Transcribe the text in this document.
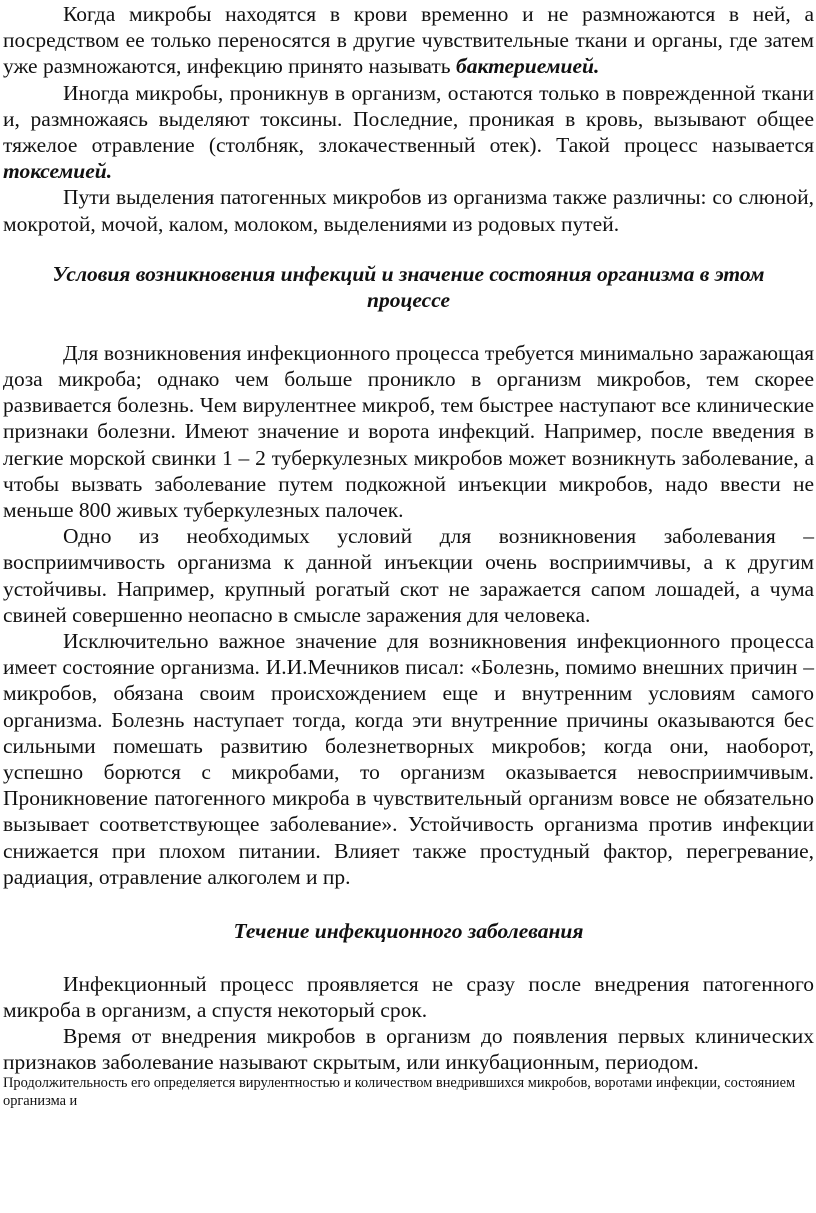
Когда микробы находятся в крови временно и не размножаются в ней, а посредством ее только переносятся в другие чувствительные ткани и органы, где затем уже размножаются, инфекцию принято называть бактериемией.

Иногда микробы, проникнув в организм, остаются только в поврежденной ткани и, размножаясь выделяют токсины. Последние, проникая в кровь, вызывают общее тяжелое отравление (столбняк, злокачественный отек). Такой процесс называется токсемией.

Пути выделения патогенных микробов из организма также различны: со слюной, мокротой, мочой, калом, молоком, выделениями из родовых путей.

Условия возникновения инфекций и значение состояния организма в этом процессе

Для возникновения инфекционного процесса требуется минимально заражающая доза микроба; однако чем больше проникло в организм микробов, тем скорее развивается болезнь. Чем вирулентнее микроб, тем быстрее наступают все клинические признаки болезни. Имеют значение и ворота инфекций. Например, после введения в легкие морской свинки 1 – 2 туберкулезных микробов может возникнуть заболевание, а чтобы вызвать заболевание путем подкожной инъекции микробов, надо ввести не меньше 800 живых туберкулезных палочек.

Одно из необходимых условий для возникновения заболевания – восприимчивость организма к данной инъекции очень восприимчивы, а к другим устойчивы. Например, крупный рогатый скот не заражается сапом лошадей, а чума свиней совершенно неопасно в смысле заражения для человека.

Исключительно важное значение для возникновения инфекционного процесса имеет состояние организма. И.И.Мечников писал: «Болезнь, помимо внешних причин – микробов, обязана своим происхождением еще и внутренним условиям самого организма. Болезнь наступает тогда, когда эти внутренние причины оказываются бес сильными помешать развитию болезнетворных микробов; когда они, наоборот, успешно борются с микробами, то организм оказывается невосприимчивым. Проникновение патогенного микроба в чувствительный организм вовсе не обязательно вызывает соответствующее заболевание». Устойчивость организма против инфекции снижается при плохом питании. Влияет также простудный фактор, перегревание, радиация, отравление алкоголем и пр.

Течение инфекционного заболевания

Инфекционный процесс проявляется не сразу после внедрения патогенного микроба в организм, а спустя некоторый срок.

Время от внедрения микробов в организм до появления первых клинических признаков заболевание называют скрытым, или инкубационным, периодом.

Продолжительность его определяется вирулентностью и количеством внедрившихся микробов, воротами инфекции, состоянием организма и
